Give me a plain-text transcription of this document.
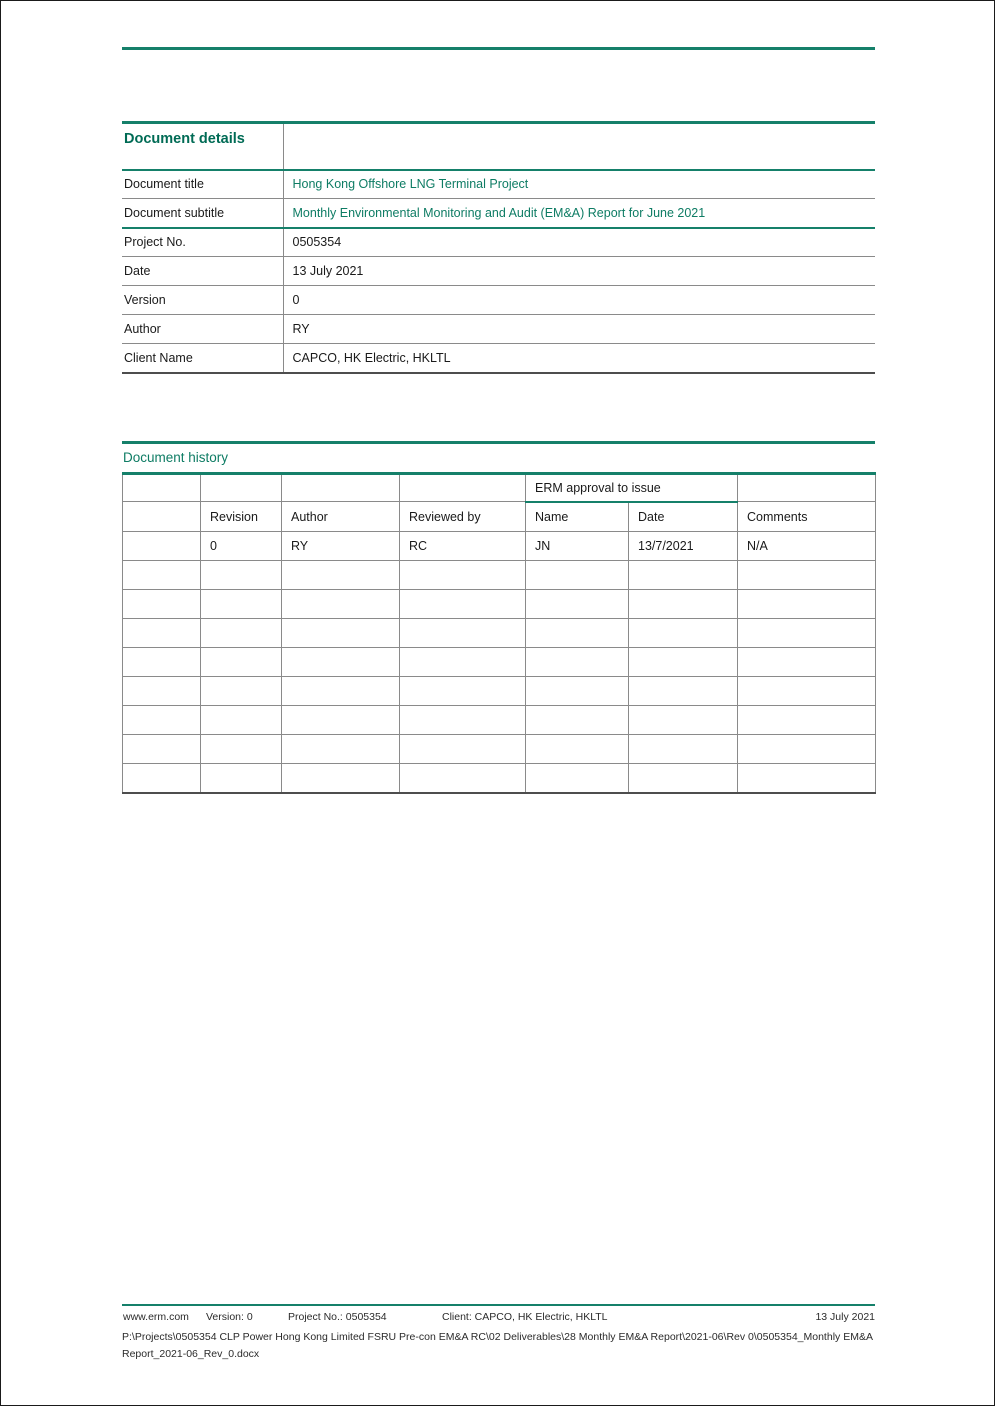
Document details	
Document title	Hong Kong Offshore LNG Terminal Project
Document subtitle	Monthly Environmental Monitoring and Audit (EM&A) Report for June 2021
Project No.	0505354
Date	13 July 2021
Version	0
Author	RY
Client Name	CAPCO, HK Electric, HKLTL
Document history
				ERM approval to issue		
	Revision	Author	Reviewed by	Name	Date	Comments
	0	RY	RC	JN	13/7/2021	N/A

www.erm.com Version: 0	Project No.: 0505354	Client: CAPCO, HK Electric, HKLTL	13 July 2021
P:\Projects\0505354 CLP Power Hong Kong Limited FSRU Pre-con EM&A RC\02 Deliverables\28 Monthly EM&A Report\2021-06\Rev 0\0505354_Monthly EM&A
Report_2021-06_Rev_0.docx
